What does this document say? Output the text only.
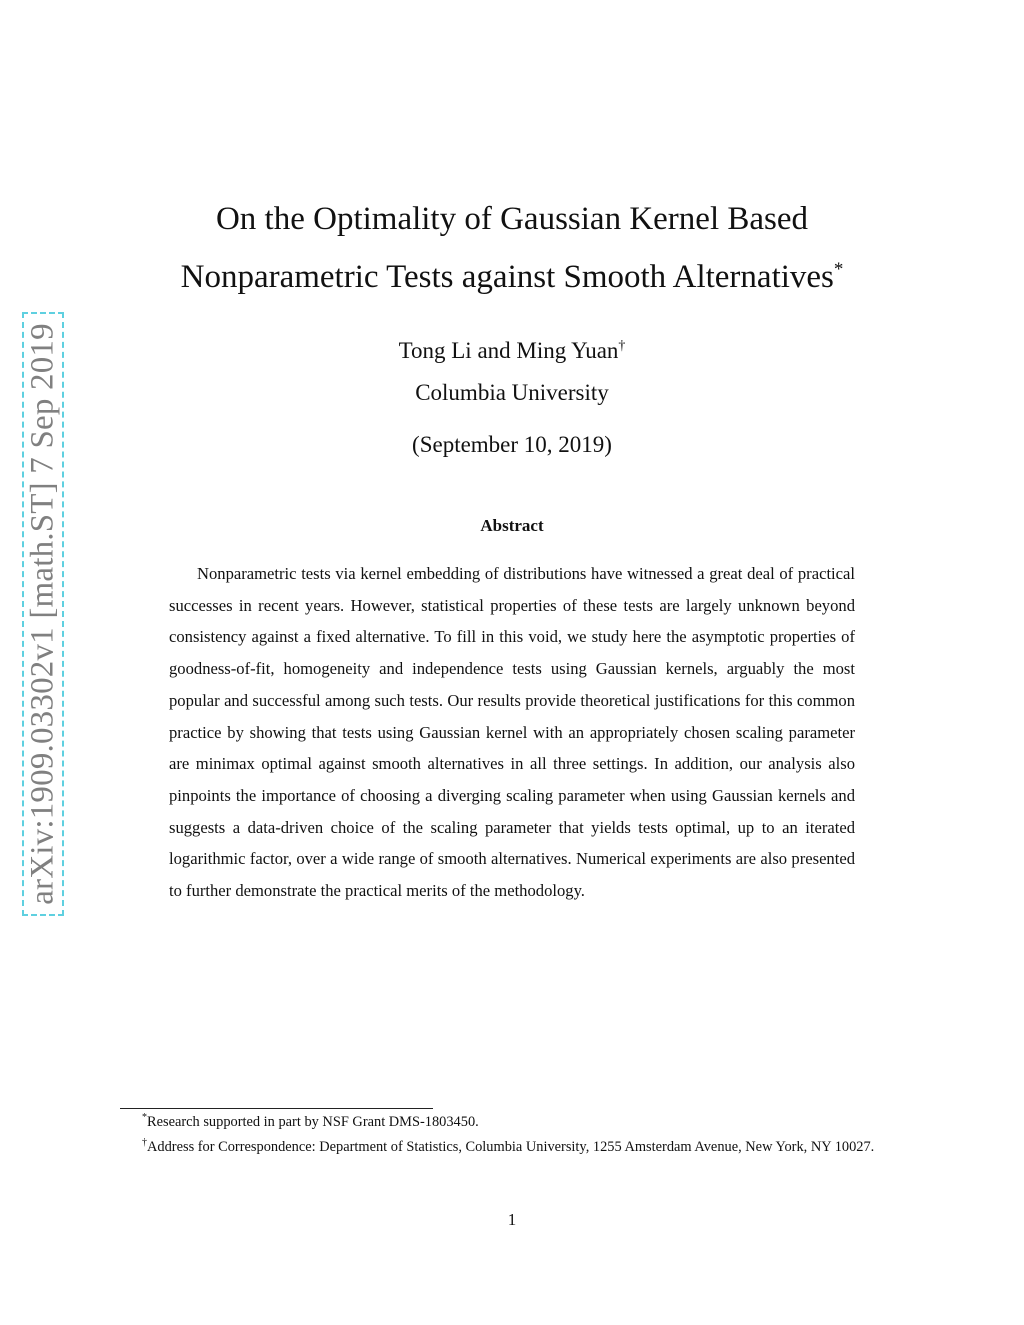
arXiv:1909.03302v1 [math.ST] 7 Sep 2019
On the Optimality of Gaussian Kernel Based
Nonparametric Tests against Smooth Alternatives*
Tong Li and Ming Yuan†
Columbia University
(September 10, 2019)
Abstract
Nonparametric tests via kernel embedding of distributions have witnessed a great deal of practical successes in recent years. However, statistical properties of these tests are largely unknown beyond consistency against a fixed alternative. To fill in this void, we study here the asymptotic properties of goodness-of-fit, homogeneity and independence tests using Gaussian kernels, arguably the most popular and successful among such tests. Our results provide theoretical justifications for this common practice by showing that tests using Gaussian kernel with an appropriately chosen scaling parameter are minimax optimal against smooth alternatives in all three settings. In addition, our analysis also pinpoints the importance of choosing a diverging scaling parameter when using Gaussian kernels and suggests a data-driven choice of the scaling parameter that yields tests optimal, up to an iterated logarithmic factor, over a wide range of smooth alternatives. Numerical experiments are also presented to further demonstrate the practical merits of the methodology.

*Research supported in part by NSF Grant DMS-1803450.

†Address for Correspondence: Department of Statistics, Columbia University, 1255 Amsterdam Avenue, New York, NY 10027.

1
